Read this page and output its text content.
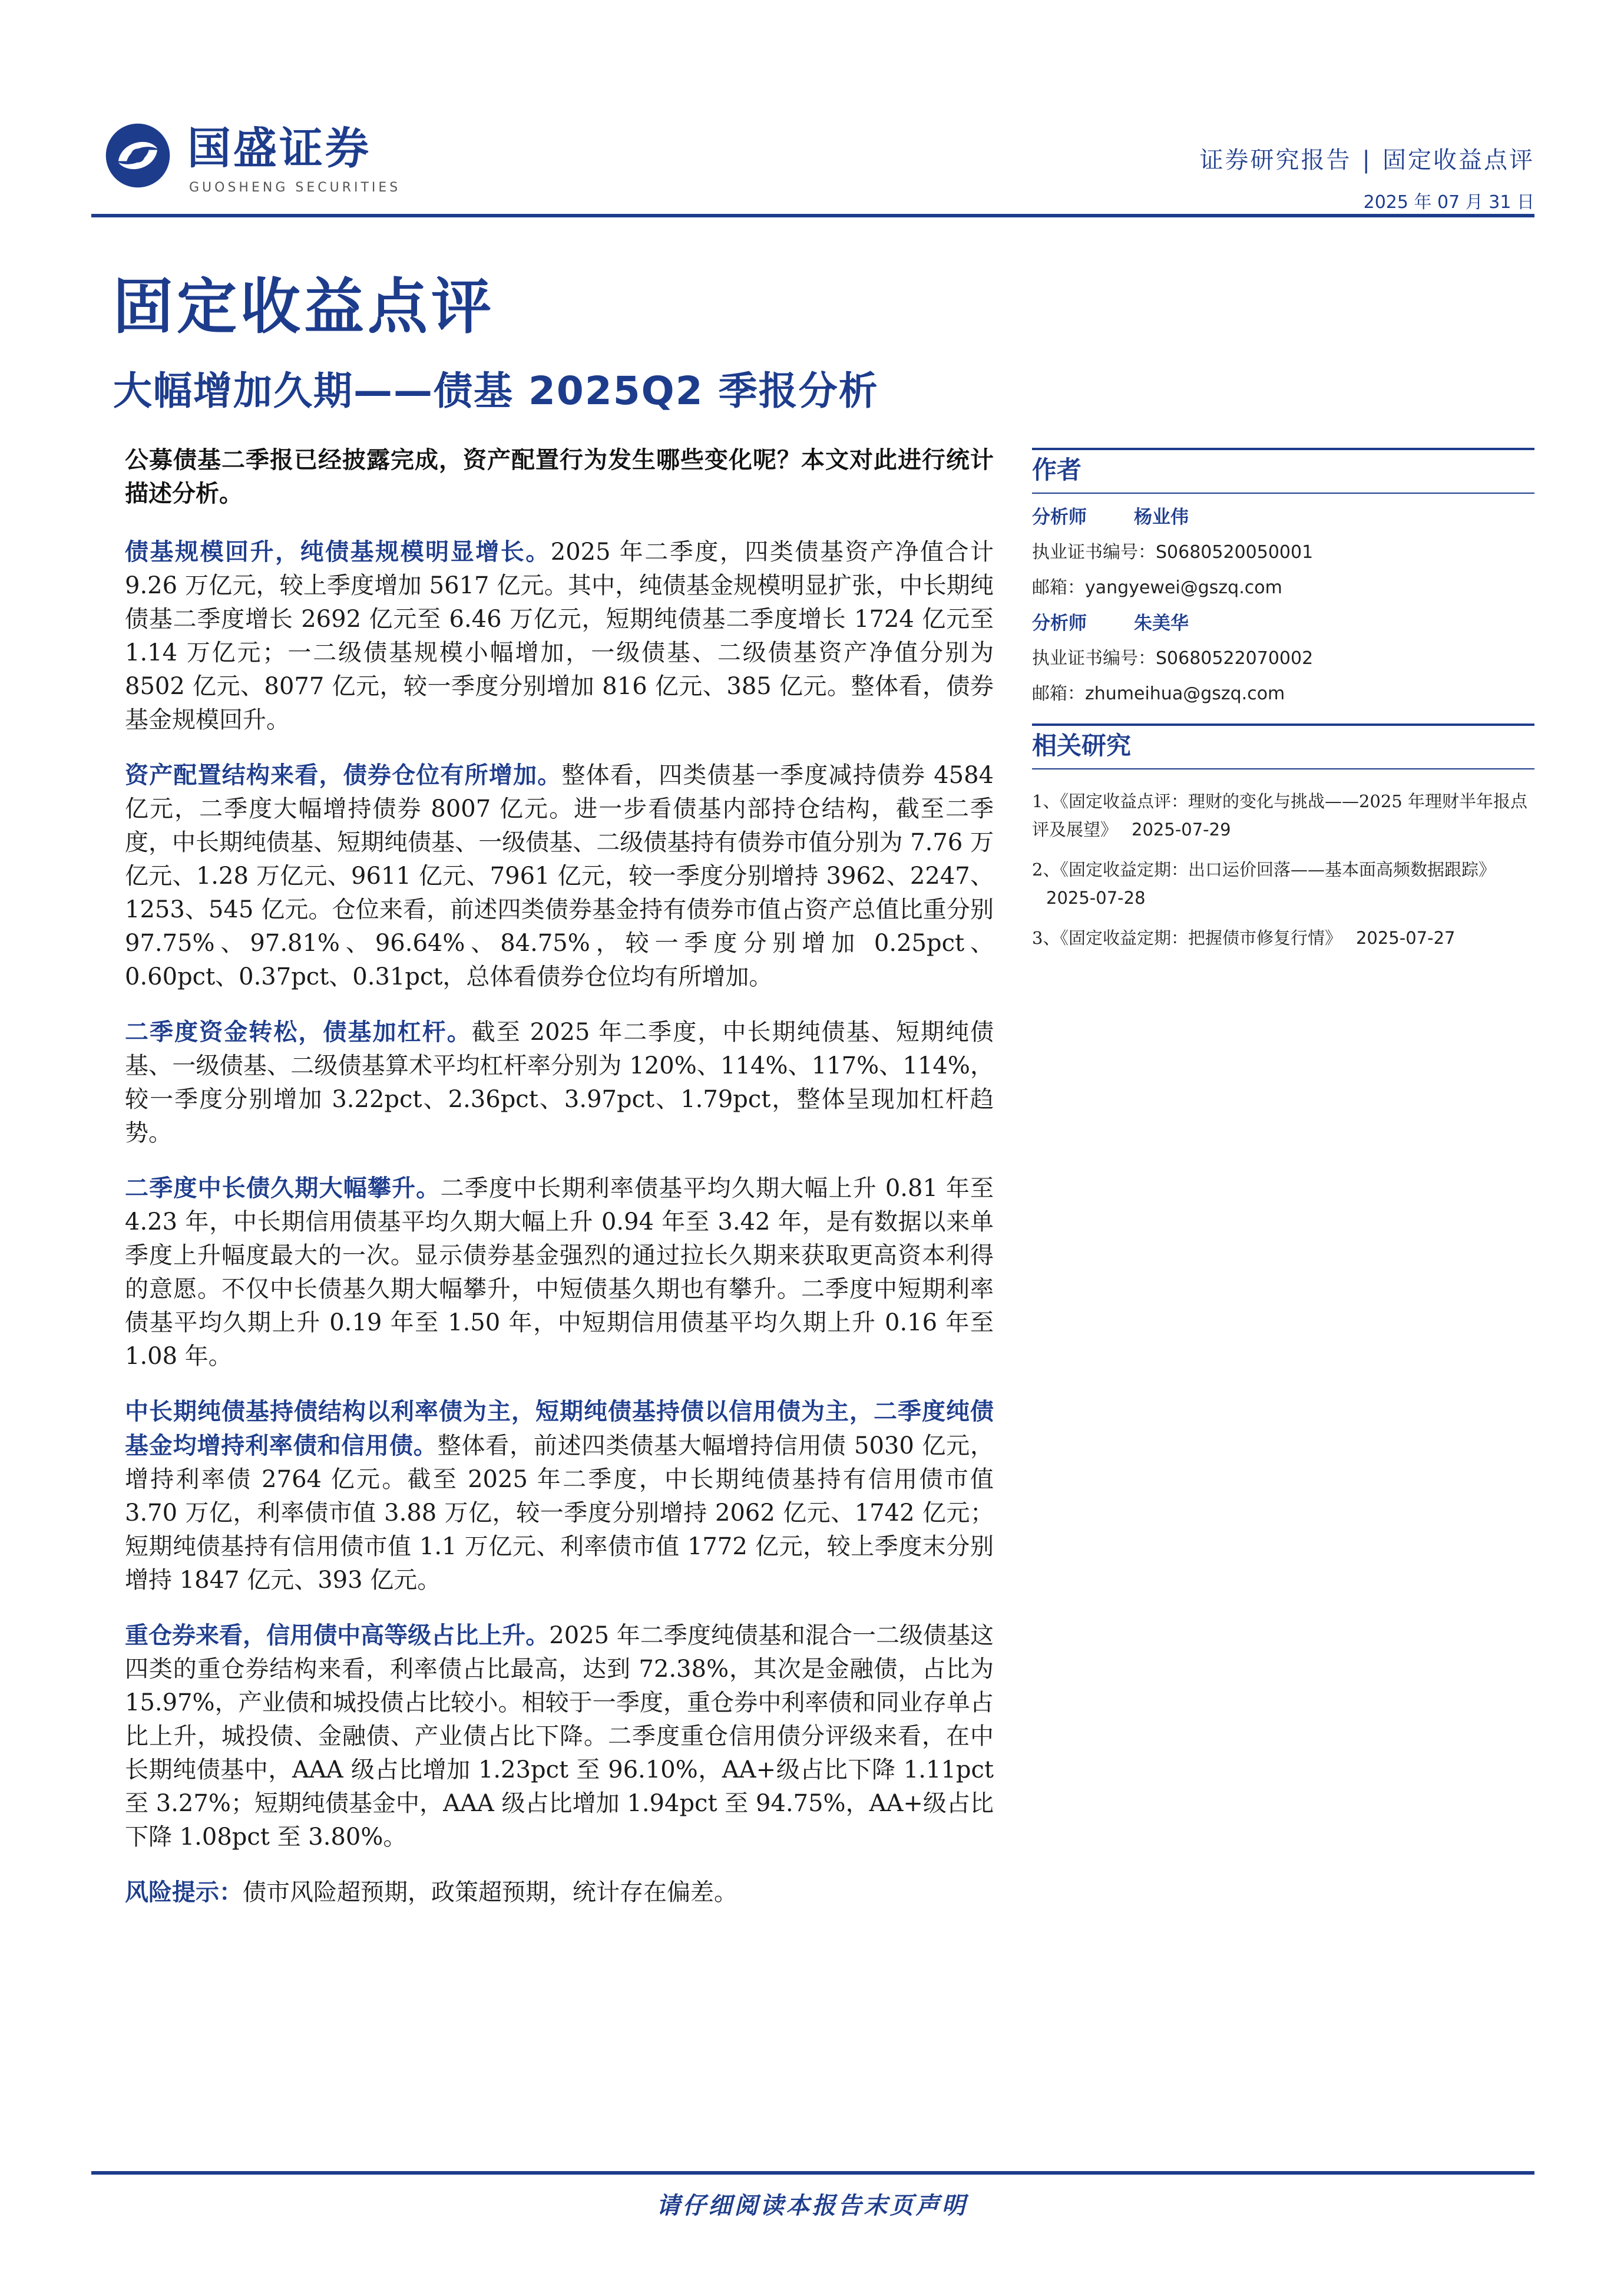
国盛证券
GUOSHENG SECURITIES
证券研究报告 | 固定收益点评
2025 年 07 月 31 日
固定收益点评
大幅增加久期——债基 2025Q2 季报分析

公募债基二季报已经披露完成，资产配置行为发生哪些变化呢？本文对此进行统计描述分析。

债基规模回升，纯债基规模明显增长。2025 年二季度，四类债基资产净值合计 9.26 万亿元，较上季度增加 5617 亿元。其中，纯债基金规模明显扩张，中长期纯债基二季度增长 2692 亿元至 6.46 万亿元，短期纯债基二季度增长 1724 亿元至 1.14 万亿元；一二级债基规模小幅增加，一级债基、二级债基资产净值分别为 8502 亿元、8077 亿元，较一季度分别增加 816 亿元、385 亿元。整体看，债券基金规模回升。

资产配置结构来看，债券仓位有所增加。整体看，四类债基一季度减持债券 4584 亿元，二季度大幅增持债券 8007 亿元。进一步看债基内部持仓结构，截至二季度，中长期纯债基、短期纯债基、一级债基、二级债基持有债券市值分别为 7.76 万亿元、1.28 万亿元、9611 亿元、7961 亿元，较一季度分别增持 3962、2247、1253、545 亿元。仓位来看，前述四类债券基金持有债券市值占资产总值比重分别 97.75%、97.81%、96.64%、84.75%，较一季度分别增加 0.25pct、0.60pct、0.37pct、0.31pct，总体看债券仓位均有所增加。

二季度资金转松，债基加杠杆。截至 2025 年二季度，中长期纯债基、短期纯债基、一级债基、二级债基算术平均杠杆率分别为 120%、114%、117%、114%，较一季度分别增加 3.22pct、2.36pct、3.97pct、1.79pct，整体呈现加杠杆趋势。

二季度中长债久期大幅攀升。二季度中长期利率债基平均久期大幅上升 0.81 年至 4.23 年，中长期信用债基平均久期大幅上升 0.94 年至 3.42 年，是有数据以来单季度上升幅度最大的一次。显示债券基金强烈的通过拉长久期来获取更高资本利得的意愿。不仅中长债基久期大幅攀升，中短债基久期也有攀升。二季度中短期利率债基平均久期上升 0.19 年至 1.50 年，中短期信用债基平均久期上升 0.16 年至 1.08 年。

中长期纯债基持债结构以利率债为主，短期纯债基持债以信用债为主，二季度纯债基金均增持利率债和信用债。整体看，前述四类债基大幅增持信用债 5030 亿元，增持利率债 2764 亿元。截至 2025 年二季度，中长期纯债基持有信用债市值 3.70 万亿，利率债市值 3.88 万亿，较一季度分别增持 2062 亿元、1742 亿元；短期纯债基持有信用债市值 1.1 万亿元、利率债市值 1772 亿元，较上季度末分别增持 1847 亿元、393 亿元。

重仓券来看，信用债中高等级占比上升。2025 年二季度纯债基和混合一二级债基这四类的重仓券结构来看，利率债占比最高，达到 72.38%，其次是金融债，占比为 15.97%，产业债和城投债占比较小。相较于一季度，重仓券中利率债和同业存单占比上升，城投债、金融债、产业债占比下降。二季度重仓信用债分评级来看，在中长期纯债基中，AAA 级占比增加 1.23pct 至 96.10%，AA+级占比下降 1.11pct 至 3.27%；短期纯债基金中，AAA 级占比增加 1.94pct 至 94.75%，AA+级占比下降 1.08pct 至 3.80%。

风险提示：债市风险超预期，政策超预期，统计存在偏差。

作者
分析师	杨业伟
执业证书编号：S0680520050001
邮箱：yangyewei@gszq.com
分析师	朱美华
执业证书编号：S0680522070002
邮箱：zhumeihua@gszq.com
相关研究
1、《固定收益点评：理财的变化与挑战——2025 年理财半年报点评及展望》 2025-07-29
2、《固定收益定期：出口运价回落——基本面高频数据跟踪》2025-07-28
3、《固定收益定期：把握债市修复行情》 2025-07-27
请仔细阅读本报告末页声明
